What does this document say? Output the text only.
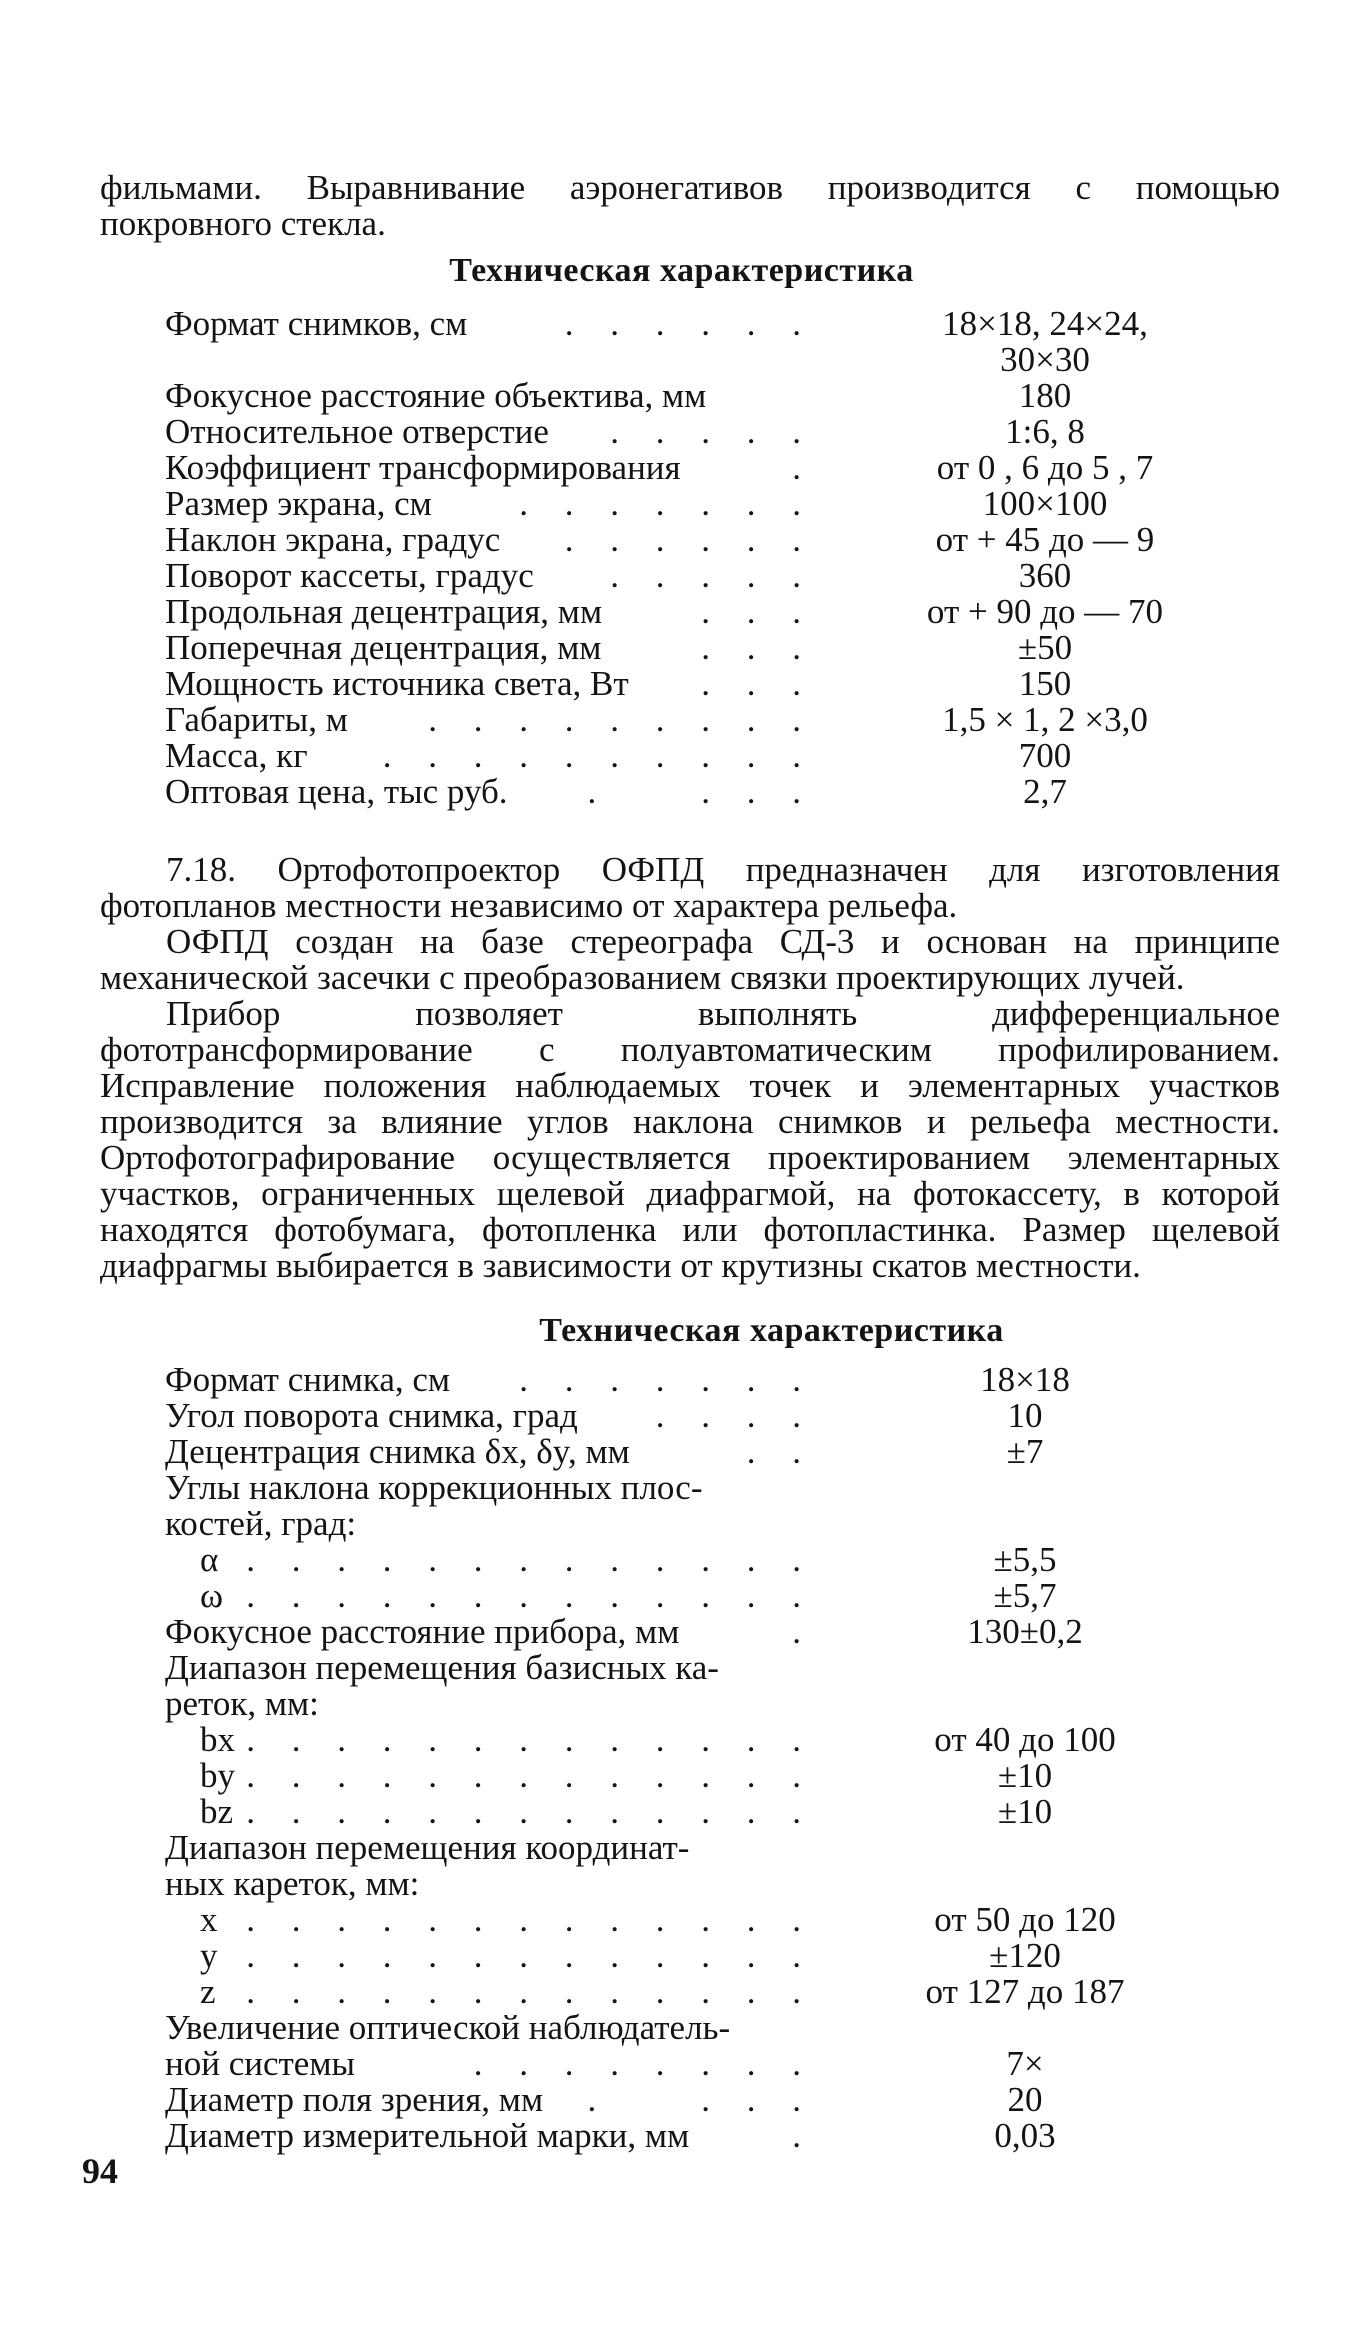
фильмами. Выравнивание аэронегативов производится с помощью покровного стекла.

Техническая характеристика
Формат снимков, см	. . . . . .	18×18, 24×24,
30×30
Фокусное расстояние объектива, мм	180
Относительное отверстие . . . . .	1:6, 8
Коэффициент трансформирования	.	от 0 , 6 до 5 , 7
Размер экрана, см . . . . . . .	100×100
Наклон экрана, градус . . . . . .	от + 45 до — 9
Поворот кассеты, градус . . . . .	360
Продольная децентрация, мм	. . .	от + 90 до — 70
Поперечная децентрация, мм	. . .	±50
Мощность источника света, Вт . . .	150
Габариты, м . . . . . . . . .	1,5 × 1, 2 ×3,0
Масса, кг . . . . . . . . . .	700
Оптовая цена, тыс руб. .    . . .	2,7

7.18. Ортофотопроектор ОФПД предназначен для изготовления фотопланов местности независимо от характера рельефа.

ОФПД создан на базе стереографа СД-3 и основан на принципе механической засечки с преобразованием связки проектирующих лучей.

Прибор позволяет выполнять дифференциальное фототрансформирование с полуавтоматическим профилированием. Исправление положения наблюдаемых точек и элементарных участков производится за влияние углов наклона снимков и рельефа местности. Ортофотографирование осуществляется проектированием элементарных участков, ограниченных щелевой диафрагмой, на фотокассету, в которой находятся фотобумага, фотопленка или фотопластинка. Размер щелевой диафрагмы выбирается в зависимости от крутизны скатов местности.

Техническая характеристика
Формат снимка, см . . . . . . .	18×18
Угол поворота снимка, град . . . .	10
Децентрация снимка δx, δy, мм	. .	±7
Углы наклона коррекционных плос-
костей, град:
α . . . . . . . . . . . . .	±5,5
ω . . . . . . . . . . . . .	±5,7
Фокусное расстояние прибора, мм	.	130±0,2
Диапазон перемещения базисных ка-
реток, мм:
bx . . . . . . . . . . . . .	от 40 до 100
by . . . . . . . . . . . . .	±10
bz . . . . . . . . . . . . .	±10
Диапазон перемещения координат-
ных кареток, мм:
x . . . . . . . . . . . . .	от 50 до 120
y . . . . . . . . . . . . .	±120
z . . . . . . . . . . . . .	от 127 до 187
Увеличение оптической наблюдатель-
ной системы	. . . . . . . .	7×
Диаметр поля зрения, мм .    . . .	20
Диаметр измерительной марки, мм	.	0,03
94
